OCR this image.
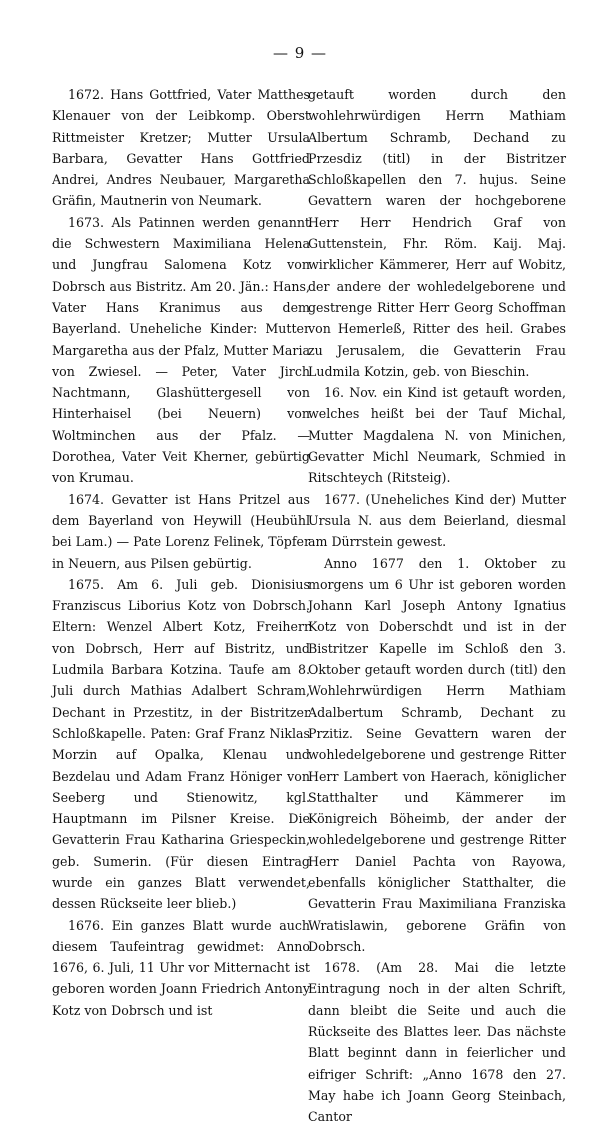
— 9 —

1672. Hans Gottfried, Vater Matthes Klenauer von der Leibkomp. Oberst Rittmeister Kretzer; Mutter Ursula Barbara, Gevatter Hans Gottfried Andrei, Andres Neubauer, Margaretha Gräfin, Mautnerin von Neumark.

1673. Als Patinnen werden genannt die Schwestern Maximiliana Helena und Jungfrau Salomena Kotz von Dobrsch aus Bistritz. Am 20. Jän.: Hans, Vater Hans Kranimus aus dem Bayerland. Uneheliche Kinder: Mutter Margaretha aus der Pfalz, Mutter Maria von Zwiesel. — Peter, Vater Jirch Nachtmann, Glashüttergesell von Hinterhaisel (bei Neuern) von Woltminchen aus der Pfalz. — Dorothea, Vater Veit Kherner, gebürtig von Krumau.

1674. Gevatter ist Hans Pritzel aus dem Bayerland von Heywill (Heubühl bei Lam.) — Pate Lorenz Felinek, Töpfer in Neuern, aus Pilsen gebürtig.

1675. Am 6. Juli geb. Dionisius Franziscus Liborius Kotz von Dobrsch. Eltern: Wenzel Albert Kotz, Freiherr von Dobrsch, Herr auf Bistritz, und Ludmila Barbara Kotzina. Taufe am 8. Juli durch Mathias Adalbert Schram, Dechant in Przestitz, in der Bistritzer Schloßkapelle. Paten: Graf Franz Niklas Morzin auf Opalka, Klenau und Bezdelau und Adam Franz Höniger von Seeberg und Stienowitz, kgl. Hauptmann im Pilsner Kreise. Die Gevatterin Frau Katharina Griespeckin, geb. Sumerin. (Für diesen Eintrag wurde ein ganzes Blatt verwendet, dessen Rückseite leer blieb.)

1676. Ein ganzes Blatt wurde auch diesem Taufeintrag gewidmet: Anno 1676, 6. Juli, 11 Uhr vor Mitternacht ist geboren worden Joann Friedrich Antony Kotz von Dobrsch und ist

getauft worden durch den wohlehrwürdigen Herrn Mathiam Albertum Schramb, Dechand zu Przesdiz (titl) in der Bistritzer Schloßkapellen den 7. hujus. Seine Gevattern waren der hochgeborene Herr Herr Hendrich Graf von Guttenstein, Fhr. Röm. Kaij. Maj. wirklicher Kämmerer, Herr auf Wobitz, der andere der wohledelgeborene und gestrenge Ritter Herr Georg Schoffman von Hemerleß, Ritter des heil. Grabes zu Jerusalem, die Gevatterin Frau Ludmila Kotzin, geb. von Bieschin.

16. Nov. ein Kind ist getauft worden, welches heißt bei der Tauf Michal, Mutter Magdalena N. von Minichen, Gevatter Michl Neumark, Schmied in Ritschteych (Ritsteig).

1677. (Uneheliches Kind der) Mutter Ursula N. aus dem Beierland, diesmal am Dürrstein gewest.

Anno 1677 den 1. Oktober zu morgens um 6 Uhr ist geboren worden Johann Karl Joseph Antony Ignatius Kotz von Doberschdt und ist in der Bistritzer Kapelle im Schloß den 3. Oktober getauft worden durch (titl) den Wohlehrwürdigen Herrn Mathiam Adalbertum Schramb, Dechant zu Przitiz. Seine Gevattern waren der wohledelgeborene und gestrenge Ritter Herr Lambert von Haerach, königlicher Statthalter und Kämmerer im Königreich Böheimb, der ander der wohledelgeborene und gestrenge Ritter Herr Daniel Pachta von Rayowa, ebenfalls königlicher Statthalter, die Gevatterin Frau Maximiliana Franziska Wratislawin, geborene Gräfin von Dobrsch.

1678. (Am 28. Mai die letzte Eintragung noch in der alten Schrift, dann bleibt die Seite und auch die Rückseite des Blattes leer. Das nächste Blatt beginnt dann in feierlicher und eifriger Schrift: „Anno 1678 den 27. May habe ich Joann Georg Steinbach, Cantor
